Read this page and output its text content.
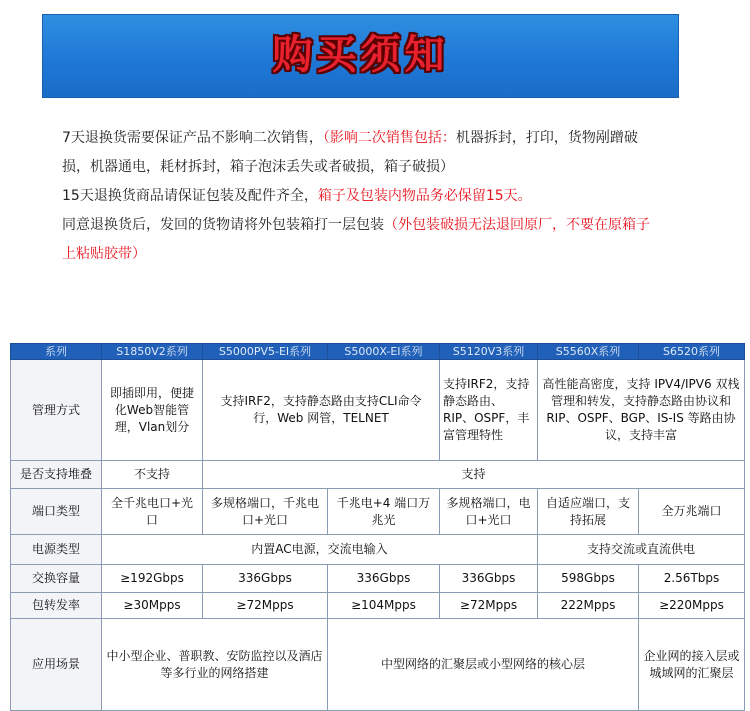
购买须知

7天退换货需要保证产品不影响二次销售，（影响二次销售包括：机器拆封，打印，货物剐蹭破损，机器通电，耗材拆封，箱子泡沫丢失或者破损，箱子破损）

15天退换货商品请保证包装及配件齐全，箱子及包装内物品务必保留15天。

同意退换货后，发回的货物请将外包装箱打一层包装（外包装破损无法退回原厂，不要在原箱子上粘贴胶带）

系列	S1850V2系列	S5000PV5-EI系列	S5000X-EI系列	S5120V3系列	S5560X系列	S6520系列
管理方式	即插即用，便捷化Web智能管理，Vlan划分	支持IRF2，支持静态路由支持CLI命令行，Web 网管，TELNET		支持IRF2，支持静态路由、RIP、OSPF，丰富管理特性	高性能高密度，支持 IPV4/IPV6 双栈管理和转发，支持静态路由协议和 RIP、OSPF、BGP、IS-IS 等路由协议，支持丰富	
是否支持堆叠	不支持	支持				
端口类型	全千兆电口+光口	多规格端口，千兆电口+光口	千兆电+4 端口万兆光	多规格端口，电口+光口	自适应端口，支持拓展	全万兆端口
电源类型	内置AC电源，交流电输入				支持交流或直流供电	
交换容量	≥192Gbps	336Gbps	336Gbps	336Gbps	598Gbps	2.56Tbps
包转发率	≥30Mpps	≥72Mpps	≥104Mpps	≥72Mpps	222Mpps	≥220Mpps
应用场景	中小型企业、普职教、安防监控以及酒店等多行业的网络搭建		中型网络的汇聚层或小型网络的核心层			企业网的接入层或城域网的汇聚层
